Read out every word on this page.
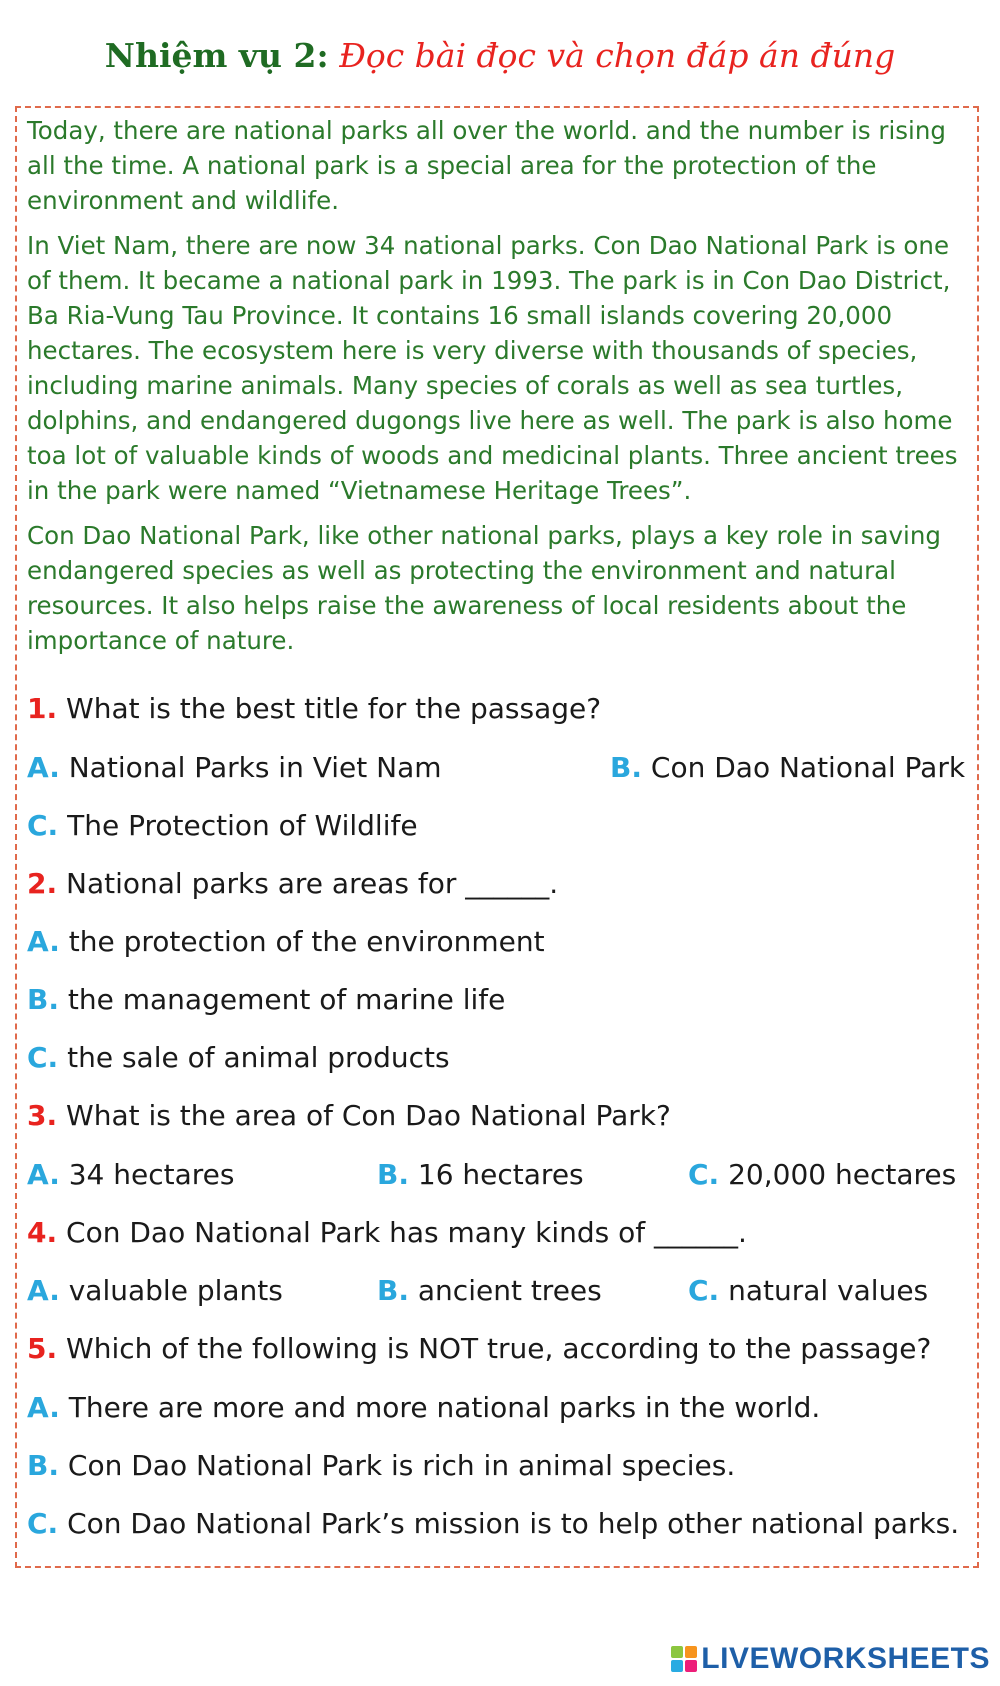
Nhiệm vụ 2: Đọc bài đọc và chọn đáp án đúng

Today, there are national parks all over the world. and the number is rising all the time. A national park is a special area for the protection of the environment and wildlife.

In Viet Nam, there are now 34 national parks. Con Dao National Park is one of them. It became a national park in 1993. The park is in Con Dao District, Ba Ria-Vung Tau Province. It contains 16 small islands covering 20,000 hectares. The ecosystem here is very diverse with thousands of species, including marine animals. Many species of corals as well as sea turtles, dolphins, and endangered dugongs live here as well. The park is also home toa lot of valuable kinds of woods and medicinal plants. Three ancient trees in the park were named “Vietnamese Heritage Trees”.

Con Dao National Park, like other national parks, plays a key role in saving endangered species as well as protecting the environment and natural resources. It also helps raise the awareness of local residents about the importance of nature.

1. What is the best title for the passage?
A. National Parks in Viet Nam	B. Con Dao National Park
C. The Protection of Wildlife
2. National parks are areas for ______.
A. the protection of the environment
B. the management of marine life
C. the sale of animal products
3. What is the area of Con Dao National Park?
A. 34 hectares	B. 16 hectares	C. 20,000 hectares
4. Con Dao National Park has many kinds of ______.
A. valuable plants	B. ancient trees	C. natural values
5. Which of the following is NOT true, according to the passage?
A. There are more and more national parks in the world.
B. Con Dao National Park is rich in animal species.
C. Con Dao National Park’s mission is to help other national parks.
LIVEWORKSHEETS
